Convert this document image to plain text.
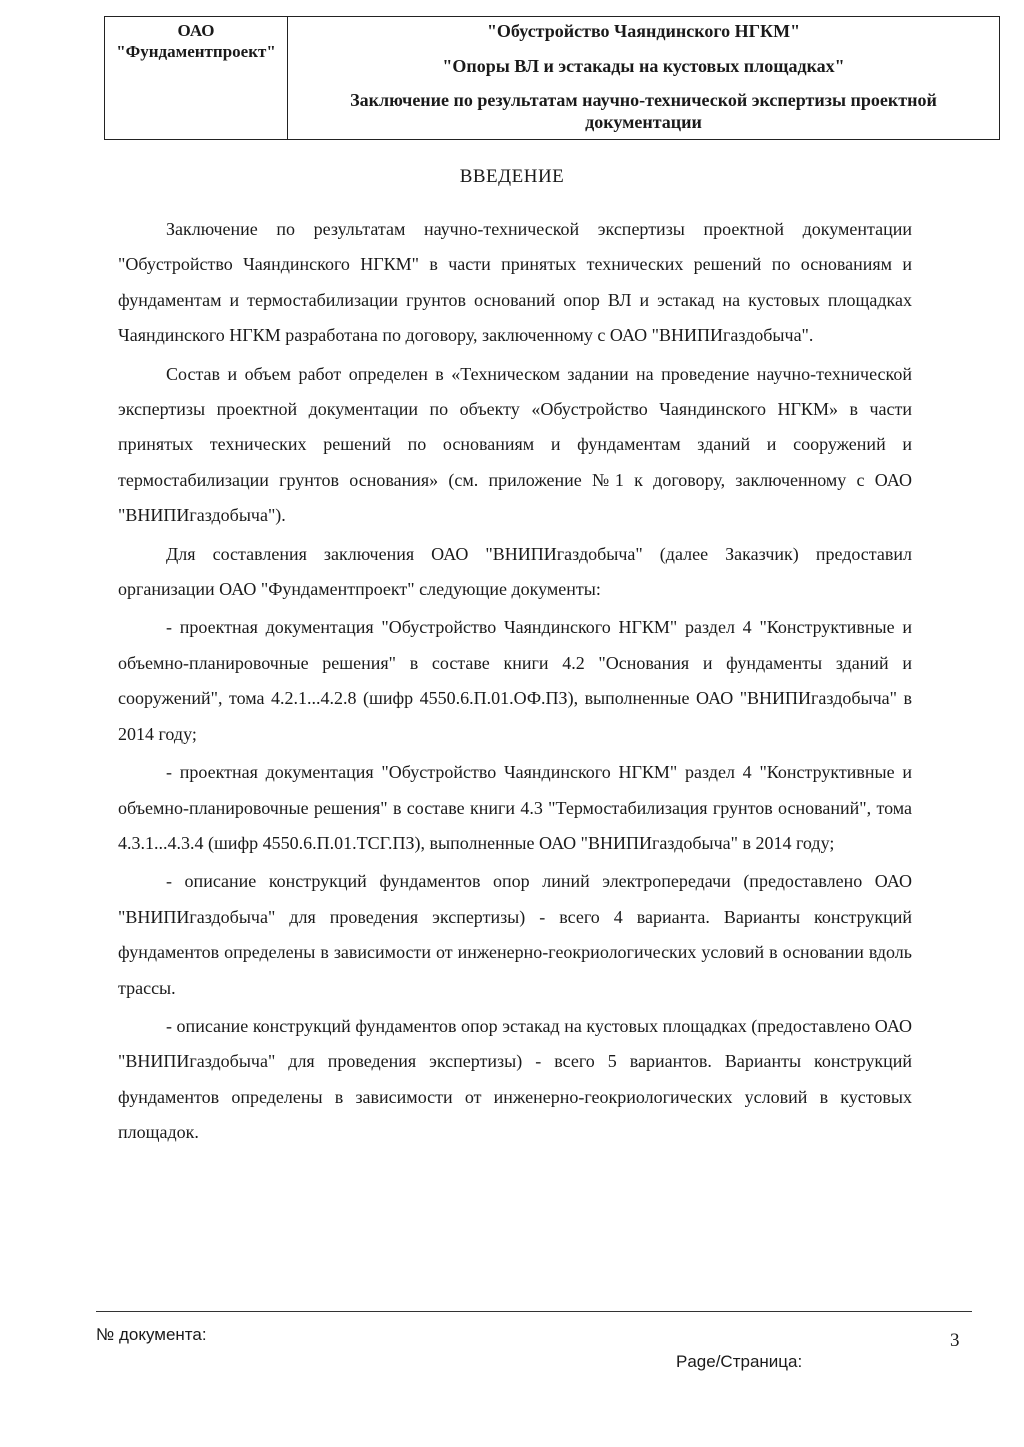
ОАО
"Фундаментпроект"
"Обустройство Чаяндинского НГКМ"
"Опоры ВЛ и эстакады на кустовых площадках"
Заключение по результатам научно-технической экспертизы проектной документации
ВВЕДЕНИЕ

Заключение по результатам научно-технической экспертизы проектной документации "Обустройство Чаяндинского НГКМ" в части принятых технических решений по основаниям и фундаментам и термостабилизации грунтов оснований опор ВЛ и эстакад на кустовых площадках Чаяндинского НГКМ разработана по договору, заключенному с ОАО "ВНИПИгаздобыча".

Состав и объем работ определен в «Техническом задании на проведение научно-технической экспертизы проектной документации по объекту «Обустройство Чаяндинского НГКМ» в части принятых технических решений по основаниям и фундаментам зданий и сооружений и термостабилизации грунтов основания» (см. приложение №1 к договору, заключенному с ОАО "ВНИПИгаздобыча").

Для составления заключения ОАО "ВНИПИгаздобыча" (далее Заказчик) предоставил организации ОАО "Фундаментпроект" следующие документы:

- проектная документация "Обустройство Чаяндинского НГКМ" раздел 4 "Конструктивные и объемно-планировочные решения" в составе книги 4.2 "Основания и фундаменты зданий и сооружений", тома 4.2.1...4.2.8 (шифр 4550.6.П.01.ОФ.ПЗ), выполненные ОАО "ВНИПИгаздобыча" в 2014 году;

- проектная документация "Обустройство Чаяндинского НГКМ" раздел 4 "Конструктивные и объемно-планировочные решения" в составе книги 4.3 "Термостабилизация грунтов оснований", тома 4.3.1...4.3.4 (шифр 4550.6.П.01.ТСГ.ПЗ), выполненные ОАО "ВНИПИгаздобыча" в 2014 году;

- описание конструкций фундаментов опор линий электропередачи (предоставлено ОАО "ВНИПИгаздобыча" для проведения экспертизы) - всего 4 варианта. Варианты конструкций фундаментов определены в зависимости от инженерно-геокриологических условий в основании вдоль трассы.

- описание конструкций фундаментов опор эстакад на кустовых площадках (предоставлено ОАО "ВНИПИгаздобыча" для проведения экспертизы) - всего 5 вариантов. Варианты конструкций фундаментов определены в зависимости от инженерно-геокриологических условий в кустовых площадок.

№ документа:
Page/Страница:
3
